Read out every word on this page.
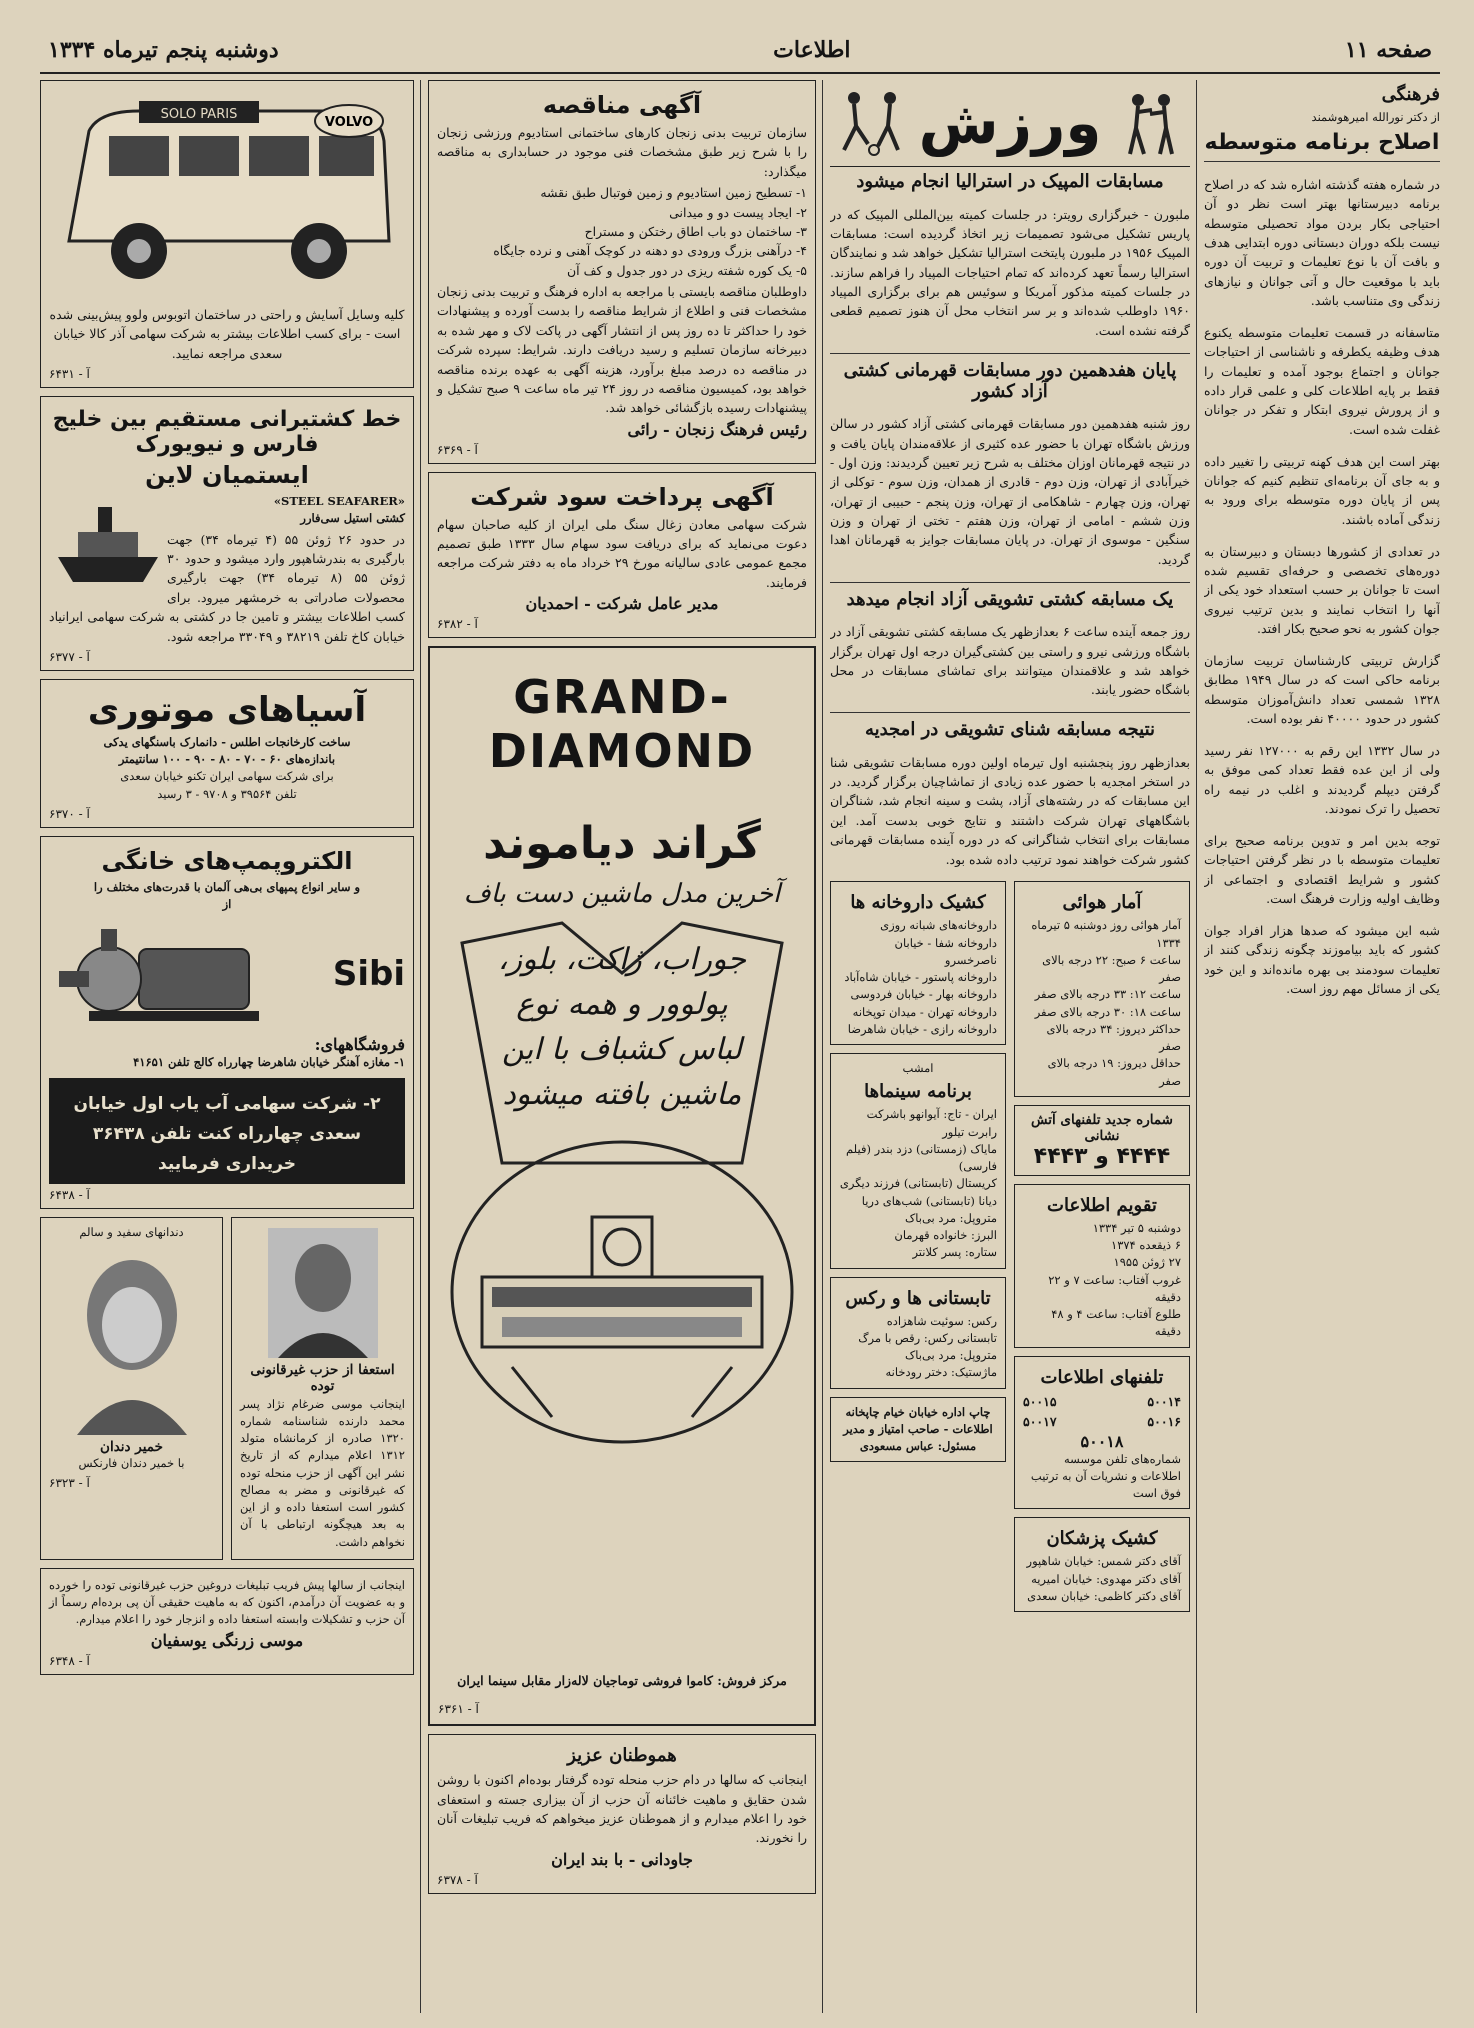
صفحه ۱۱
اطلاعات
دوشنبه پنجم تیرماه ۱۳۳۴
فرهنگی
از دکتر نورالله امیرهوشمند
اصلاح برنامه متوسطه

در شماره هفته گذشته اشاره شد که در اصلاح برنامه دبیرستانها بهتر است نظر دو آن احتیاجی بکار بردن مواد تحصیلی متوسطه نیست بلکه دوران دبستانی دوره ابتدایی هدف و بافت آن با نوع تعلیمات و تربیت آن دوره باید با موقعیت حال و آتی جوانان و نیازهای زندگی وی متناسب باشد.

متاسفانه در قسمت تعلیمات متوسطه یکنوع هدف وظیفه یکطرفه و ناشناسی از احتیاجات جوانان و اجتماع بوجود آمده و تعلیمات را فقط بر پایه اطلاعات کلی و علمی قرار داده و از پرورش نیروی ابتکار و تفکر در جوانان غفلت شده است.

بهتر است این هدف کهنه تربیتی را تغییر داده و به جای آن برنامه‌ای تنظیم کنیم که جوانان پس از پایان دوره متوسطه برای ورود به زندگی آماده باشند.

در تعدادی از کشورها دبستان و دبیرستان به دوره‌های تخصصی و حرفه‌ای تقسیم شده است تا جوانان بر حسب استعداد خود یکی از آنها را انتخاب نمایند و بدین ترتیب نیروی جوان کشور به نحو صحیح بکار افتد.

گزارش تربیتی کارشناسان تربیت سازمان برنامه حاکی است که در سال ۱۹۴۹ مطابق ۱۳۲۸ شمسی تعداد دانش‌آموزان متوسطه کشور در حدود ۴۰۰۰۰ نفر بوده است.

در سال ۱۳۳۲ این رقم به ۱۲۷۰۰۰ نفر رسید ولی از این عده فقط تعداد کمی موفق به گرفتن دیپلم گردیدند و اغلب در نیمه راه تحصیل را ترک نمودند.

توجه بدین امر و تدوین برنامه صحیح برای تعلیمات متوسطه با در نظر گرفتن احتیاجات کشور و شرایط اقتصادی و اجتماعی از وظایف اولیه وزارت فرهنگ است.

شبه این میشود که صدها هزار افراد جوان کشور که باید بیاموزند چگونه زندگی کنند از تعلیمات سودمند بی بهره مانده‌اند و این خود یکی از مسائل مهم روز است.

ورزش
مسابقات المپیک در استرالیا انجام میشود

ملبورن - خبرگزاری رویتر: در جلسات کمیته بین‌المللی المپیک که در پاریس تشکیل می‌شود تصمیمات زیر اتخاذ گردیده است: مسابقات المپیک ۱۹۵۶ در ملبورن پایتخت استرالیا تشکیل خواهد شد و نمایندگان استرالیا رسماً تعهد کرده‌اند که تمام احتیاجات المپیاد را فراهم سازند. در جلسات کمیته مذکور آمریکا و سوئیس هم برای برگزاری المپیاد ۱۹۶۰ داوطلب شده‌اند و بر سر انتخاب محل آن هنوز تصمیم قطعی گرفته نشده است.

پایان هفدهمین دور مسابقات قهرمانی کشتی آزاد کشور

روز شنبه هفدهمین دور مسابقات قهرمانی کشتی آزاد کشور در سالن ورزش باشگاه تهران با حضور عده کثیری از علاقه‌مندان پایان یافت و در نتیجه قهرمانان اوزان مختلف به شرح زیر تعیین گردیدند: وزن اول - خیرآبادی از تهران، وزن دوم - قادری از همدان، وزن سوم - توکلی از تهران، وزن چهارم - شاهکامی از تهران، وزن پنجم - حبیبی از تهران، وزن ششم - امامی از تهران، وزن هفتم - تختی از تهران و وزن سنگین - موسوی از تهران. در پایان مسابقات جوایز به قهرمانان اهدا گردید.

یک مسابقه کشتی تشویقی آزاد انجام میدهد

روز جمعه آینده ساعت ۶ بعدازظهر یک مسابقه کشتی تشویقی آزاد در باشگاه ورزشی نیرو و راستی بین کشتی‌گیران درجه اول تهران برگزار خواهد شد و علاقمندان میتوانند برای تماشای مسابقات در محل باشگاه حضور یابند.

نتیجه مسابقه شنای تشویقی در امجدیه

بعدازظهر روز پنجشنبه اول تیرماه اولین دوره مسابقات تشویقی شنا در استخر امجدیه با حضور عده زیادی از تماشاچیان برگزار گردید. در این مسابقات که در رشته‌های آزاد، پشت و سینه انجام شد، شناگران باشگاههای تهران شرکت داشتند و نتایج خوبی بدست آمد. این مسابقات برای انتخاب شناگرانی که در دوره آینده مسابقات قهرمانی کشور شرکت خواهند نمود ترتیب داده شده بود.

آمار هوائی
آمار هوائی روز دوشنبه ۵ تیرماه ۱۳۳۴
ساعت ۶ صبح: ۲۲ درجه بالای صفر
ساعت ۱۲: ۳۳ درجه بالای صفر
ساعت ۱۸: ۳۰ درجه بالای صفر
حداکثر دیروز: ۳۴ درجه بالای صفر
حداقل دیروز: ۱۹ درجه بالای صفر
شماره جدید تلفنهای آتش نشانی
۴۴۴۴ و ۴۴۴۳
تقویم اطلاعات
دوشنبه ۵ تیر ۱۳۳۴
۶ ذیقعده ۱۳۷۴
۲۷ ژوئن ۱۹۵۵
غروب آفتاب: ساعت ۷ و ۲۲ دقیقه
طلوع آفتاب: ساعت ۴ و ۴۸ دقیقه
تلفنهای اطلاعات
۵۰۰۱۴
۵۰۰۱۵
۵۰۰۱۶
۵۰۰۱۷
۵۰۰۱۸
شماره‌های تلفن موسسه اطلاعات و نشریات آن به ترتیب فوق است
کشیک پزشکان
آقای دکتر شمس: خیابان شاهپور
آقای دکتر مهدوی: خیابان امیریه
آقای دکتر کاظمی: خیابان سعدی
کشیک داروخانه ها
داروخانه‌های شبانه روزی
داروخانه شفا - خیابان ناصرخسرو
داروخانه پاستور - خیابان شاه‌آباد
داروخانه بهار - خیابان فردوسی
داروخانه تهران - میدان توپخانه
داروخانه رازی - خیابان شاهرضا
امشب
برنامه سینماها
ایران - تاج: آیوانهو باشرکت رابرت تیلور
مایاک (زمستانی) دزد بندر (فیلم فارسی)
کریستال (تابستانی) فرزند دیگری
دیانا (تابستانی) شب‌های دریا
متروپل: مرد بی‌باک
البرز: خانواده قهرمان
ستاره: پسر کلانتر
تابستانی ها و رکس
رکس: سوئیت شاهزاده
تابستانی رکس: رقص با مرگ
متروپل: مرد بی‌باک
ماژستیک: دختر رودخانه
چاپ اداره خیابان خیام چاپخانه اطلاعات - صاحب امتیاز و مدیر مسئول: عباس مسعودی
آگهی مناقصه

سازمان تربیت بدنی زنجان کارهای ساختمانی استادیوم ورزشی زنجان را با شرح زیر طبق مشخصات فنی موجود در حسابداری به مناقصه میگذارد:

۱- تسطیح زمین استادیوم و زمین فوتبال طبق نقشه
۲- ایجاد پیست دو و میدانی
۳- ساختمان دو باب اطاق رختکن و مستراح
۴- درآهنی بزرگ ورودی دو دهنه در کوچک آهنی و نرده جایگاه
۵- یک کوره شفته ریزی در دور جدول و کف آن

داوطلبان مناقصه بایستی با مراجعه به اداره فرهنگ و تربیت بدنی زنجان مشخصات فنی و اطلاع از شرایط مناقصه را بدست آورده و پیشنهادات خود را حداکثر تا ده روز پس از انتشار آگهی در پاکت لاک و مهر شده به دبیرخانه سازمان تسلیم و رسید دریافت دارند. شرایط: سپرده شرکت در مناقصه ده درصد مبلغ برآورد، هزینه آگهی به عهده برنده مناقصه خواهد بود، کمیسیون مناقصه در روز ۲۴ تیر ماه ساعت ۹ صبح تشکیل و پیشنهادات رسیده بازگشائی خواهد شد.

رئیس فرهنگ زنجان - رائی
آ - ۶۳۶۹
آگهی پرداخت سود شرکت

شرکت سهامی معادن زغال سنگ ملی ایران از کلیه صاحبان سهام دعوت می‌نماید که برای دریافت سود سهام سال ۱۳۳۳ طبق تصمیم مجمع عمومی عادی سالیانه مورخ ۲۹ خرداد ماه به دفتر شرکت مراجعه فرمایند.

مدیر عامل شرکت - احمدیان
آ - ۶۳۸۲
GRAND-DIAMOND
گراند دیاموند
آخرین مدل ماشین دست باف
جوراب، ژاکت، بلوز، پولوور و همه نوع لباس کشباف با این ماشین بافته میشود
مرکز فروش: کاموا فروشی توماجیان لاله‌زار مقابل سینما ایران
آ - ۶۳۶۱
هموطنان عزیز

اینجانب که سالها در دام حزب منحله توده گرفتار بوده‌ام اکنون با روشن شدن حقایق و ماهیت خائنانه آن حزب از آن بیزاری جسته و استعفای خود را اعلام میدارم و از هموطنان عزیز میخواهم که فریب تبلیغات آنان را نخورند.

جاودانی - با بند ایران
آ - ۶۳۷۸
SOLO PARIS
VOLVO

کلیه وسایل آسایش و راحتی در ساختمان اتوبوس ولوو پیش‌بینی شده است - برای کسب اطلاعات بیشتر به شرکت سهامی آذر کالا خیابان سعدی مراجعه نمایید.

آ - ۶۴۳۱
خط کشتیرانی مستقیم بین خلیج فارس و نیویورک
ایستمیان لاین
«STEEL SEAFARER»
کشتی استیل سی‌فارر

در حدود ۲۶ ژوئن ۵۵ (۴ تیرماه ۳۴) جهت بارگیری به بندرشاهپور وارد میشود و حدود ۳۰ ژوئن ۵۵ (۸ تیرماه ۳۴) جهت بارگیری محصولات صادراتی به خرمشهر میرود. برای کسب اطلاعات بیشتر و تامین جا در کشتی به شرکت سهامی ایرانیاد خیابان کاخ تلفن ۳۸۲۱۹ و ۳۳۰۴۹ مراجعه شود.

آ - ۶۳۷۷
آسیاهای موتوری
ساخت کارخانجات اطلس - دانمارک باسنگهای یدکی
باندازه‌های ۶۰ - ۷۰ - ۸۰ - ۹۰ - ۱۰۰ سانتیمتر
برای شرکت سهامی ایران تکنو خیابان سعدی
تلفن ۳۹۵۶۴ و ۹۷۰۸ - ۳ رسید
آ - ۶۳۷۰
الکتروپمپ‌های خانگی
و سایر انواع پمپهای بی‌هی آلمان با قدرت‌های مختلف را
از
Sibi
فروشگاههای:
۱- مغازه آهنگر خیابان شاهرضا چهارراه کالج تلفن ۴۱۶۵۱
۲- شرکت سهامی آب یاب اول خیابان سعدی چهارراه کنت تلفن ۳۶۴۳۸ خریداری فرمایید
آ - ۶۴۳۸
استعفا از حزب غیرقانونی توده

اینجانب موسی ضرغام نژاد پسر محمد دارنده شناسنامه شماره ۱۳۲۰ صادره از کرمانشاه متولد ۱۳۱۲ اعلام میدارم که از تاریخ نشر این آگهی از حزب منحله توده که غیرقانونی و مضر به مصالح کشور است استعفا داده و از این به بعد هیچگونه ارتباطی با آن نخواهم داشت.

دندانهای سفید و سالم
خمیر دندان
با خمیر دندان فارنکس
آ - ۶۳۲۳

اینجانب از سالها پیش فریب تبلیغات دروغین حزب غیرقانونی توده را خورده و به عضویت آن درآمدم، اکنون که به ماهیت حقیقی آن پی برده‌ام رسماً از آن حزب و تشکیلات وابسته استعفا داده و انزجار خود را اعلام میدارم.

موسی زرنگی یوسفیان
آ - ۶۳۴۸
